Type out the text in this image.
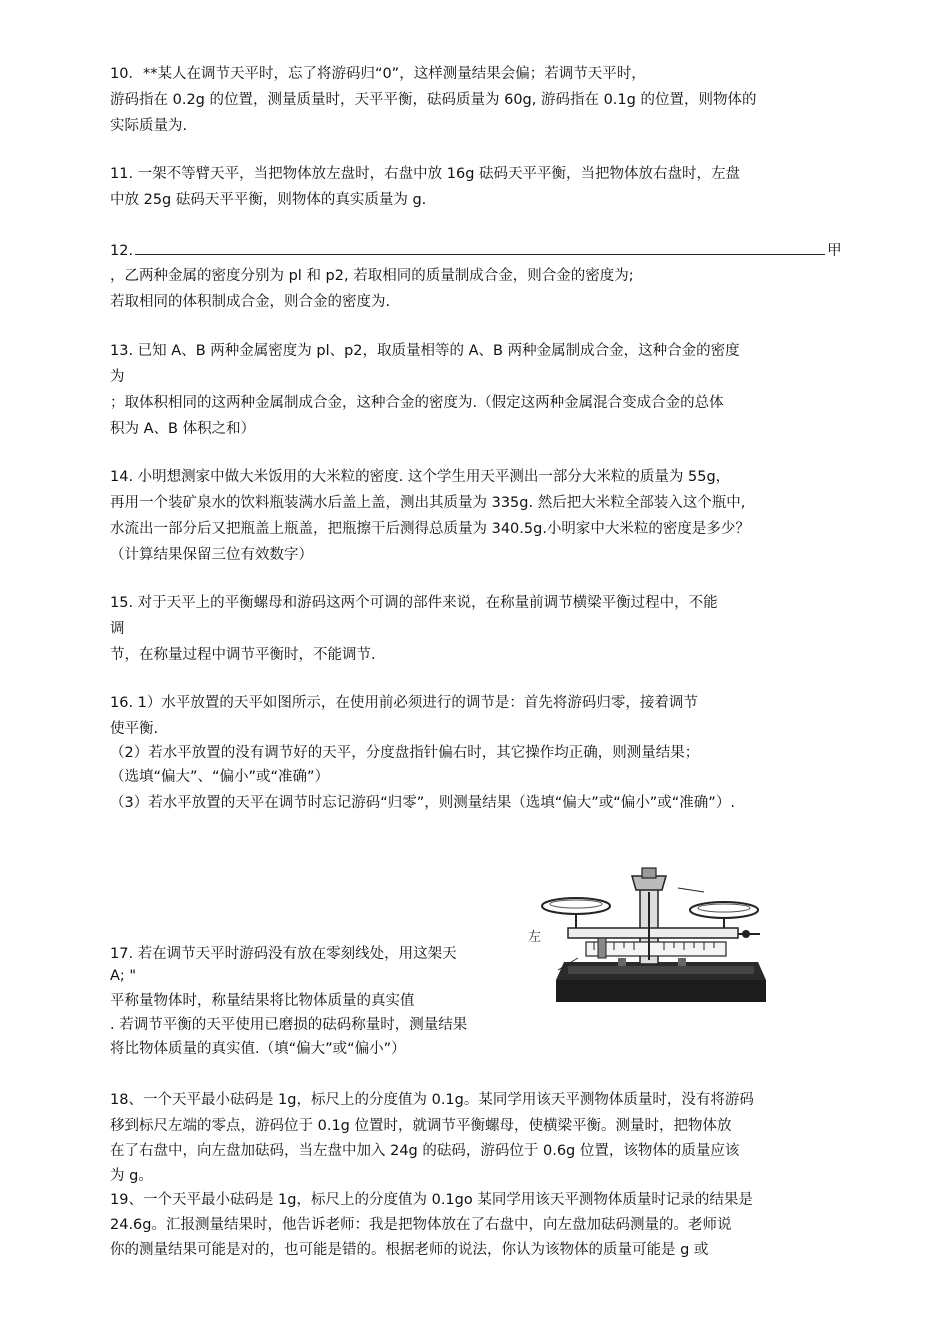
10．**某人在调节天平时，忘了将游码归“0”，这样测量结果会偏；若调节天平时，
游码指在 0.2g 的位置，测量质量时，天平平衡，砝码质量为 60g, 游码指在 0.1g 的位置，则物体的
实际质量为.
11. 一架不等臂天平，当把物体放左盘时，右盘中放 16g 砝码天平平衡，当把物体放右盘时，左盘
中放 25g 砝码天平平衡，则物体的真实质量为 g.
12.	甲
，乙两种金属的密度分别为 pl 和 p2, 若取相同的质量制成合金，则合金的密度为;
若取相同的体积制成合金，则合金的密度为.
13. 已知 A、B 两种金属密度为 pl、p2，取质量相等的 A、B 两种金属制成合金，这种合金的密度
为
；取体积相同的这两种金属制成合金，这种合金的密度为.（假定这两种金属混合变成合金的总体
积为 A、B 体积之和）
14. 小明想测家中做大米饭用的大米粒的密度. 这个学生用天平测出一部分大米粒的质量为 55g，
再用一个装矿泉水的饮料瓶装满水后盖上盖，测出其质量为 335g. 然后把大米粒全部装入这个瓶中,
水流出一部分后又把瓶盖上瓶盖，把瓶擦干后测得总质量为 340.5g.小明家中大米粒的密度是多少？
（计算结果保留三位有效数字）
15. 对于天平上的平衡螺母和游码这两个可调的部件来说，在称量前调节横梁平衡过程中，不能
调
节，在称量过程中调节平衡时，不能调节.
16. 1）水平放置的天平如图所示，在使用前必须进行的调节是：首先将游码归零，接着调节
使平衡.
（2）若水平放置的没有调节好的天平，分度盘指针偏右时，其它操作均正确，则测量结果；
（选填“偏大”、“偏小”或“准确”）
（3）若水平放置的天平在调节时忘记游码“归零”，则测量结果（选填“偏大”或“偏小”或“准确”）.
17. 若在调节天平时游码没有放在零刻线处，用这架天
A; "
平称量物体时，称量结果将比物体质量的真实值
. 若调节平衡的天平使用已磨损的砝码称量时，测量结果
将比物体质量的真实值.（填“偏大”或“偏小”）
左
18、一个天平最小砝码是 1g，标尺上的分度值为 0.1g。某同学用该天平测物体质量时，没有将游码
移到标尺左端的零点，游码位于 0.1g 位置时，就调节平衡螺母，使横梁平衡。测量时，把物体放
在了右盘中，向左盘加砝码，当左盘中加入 24g 的砝码，游码位于 0.6g 位置，该物体的质量应该
为 g。
19、一个天平最小砝码是 1g，标尺上的分度值为 0.1go 某同学用该天平测物体质量时记录的结果是
24.6g。汇报测量结果时，他告诉老师：我是把物体放在了右盘中，向左盘加砝码测量的。老师说
你的测量结果可能是对的，也可能是错的。根据老师的说法，你认为该物体的质量可能是 g 或
